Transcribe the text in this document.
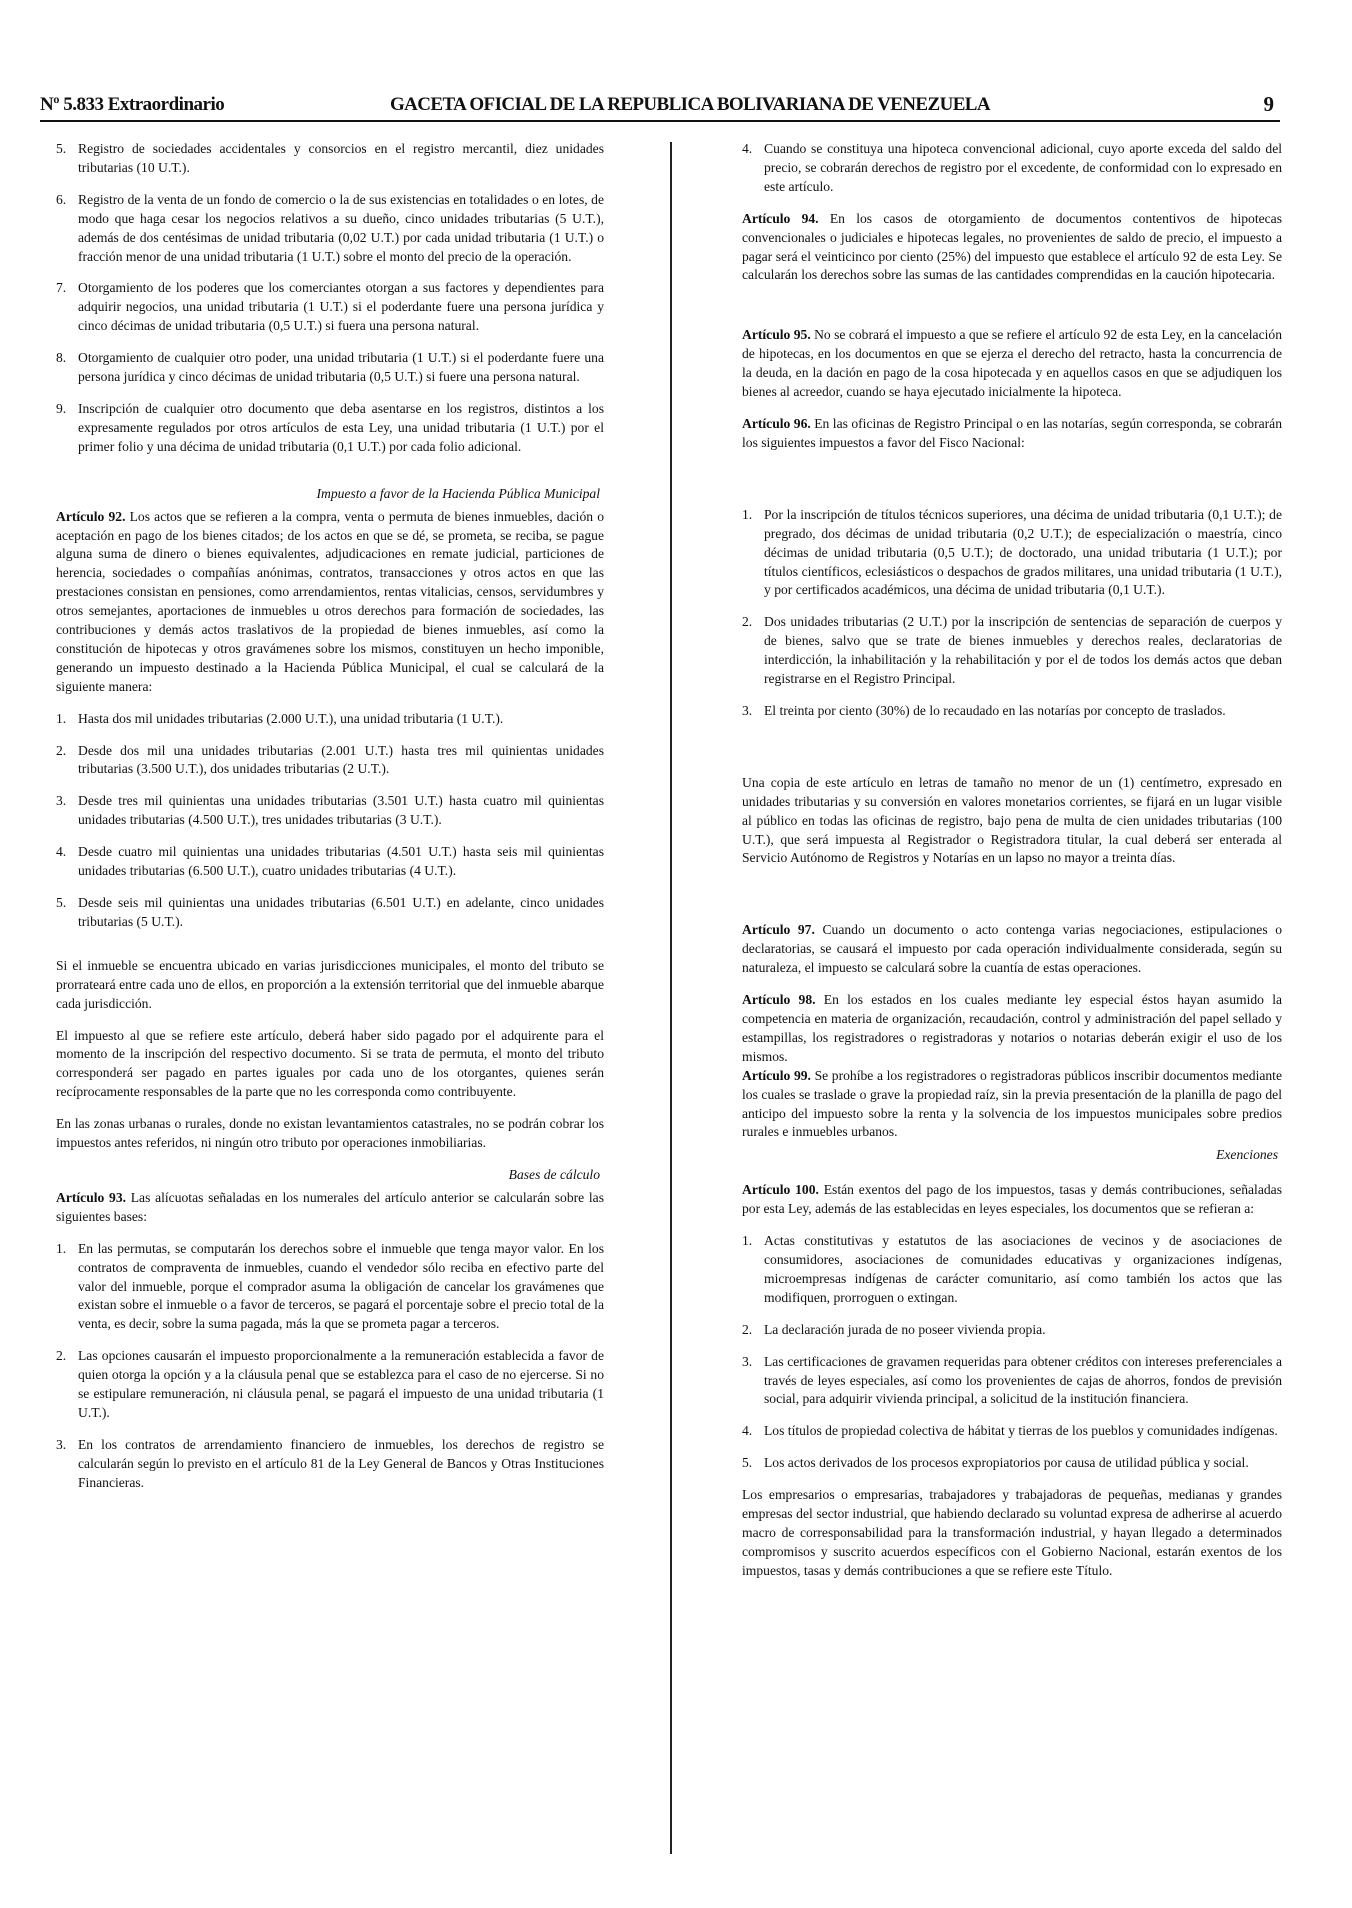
Nº 5.833 Extraordinario	GACETA OFICIAL DE LA REPUBLICA BOLIVARIANA DE VENEZUELA	9
5. Registro de sociedades accidentales y consorcios en el registro mercantil, diez unidades tributarias (10 U.T.).

6. Registro de la venta de un fondo de comercio o la de sus existencias en totalidades o en lotes, de modo que haga cesar los negocios relativos a su dueño, cinco unidades tributarias (5 U.T.), además de dos centésimas de unidad tributaria (0,02 U.T.) por cada unidad tributaria (1 U.T.) o fracción menor de una unidad tributaria (1 U.T.) sobre el monto del precio de la operación.

7. Otorgamiento de los poderes que los comerciantes otorgan a sus factores y dependientes para adquirir negocios, una unidad tributaria (1 U.T.) si el poderdante fuere una persona jurídica y cinco décimas de unidad tributaria (0,5 U.T.) si fuera una persona natural.

8. Otorgamiento de cualquier otro poder, una unidad tributaria (1 U.T.) si el poderdante fuere una persona jurídica y cinco décimas de unidad tributaria (0,5 U.T.) si fuere una persona natural.

9. Inscripción de cualquier otro documento que deba asentarse en los registros, distintos a los expresamente regulados por otros artículos de esta Ley, una unidad tributaria (1 U.T.) por el primer folio y una décima de unidad tributaria (0,1 U.T.) por cada folio adicional.

Impuesto a favor de la Hacienda Pública Municipal

Artículo 92. Los actos que se refieren a la compra, venta o permuta de bienes inmuebles, dación o aceptación en pago de los bienes citados; de los actos en que se dé, se prometa, se reciba, se pague alguna suma de dinero o bienes equivalentes, adjudicaciones en remate judicial, particiones de herencia, sociedades o compañías anónimas, contratos, transacciones y otros actos en que las prestaciones consistan en pensiones, como arrendamientos, rentas vitalicias, censos, servidumbres y otros semejantes, aportaciones de inmuebles u otros derechos para formación de sociedades, las contribuciones y demás actos traslativos de la propiedad de bienes inmuebles, así como la constitución de hipotecas y otros gravámenes sobre los mismos, constituyen un hecho imponible, generando un impuesto destinado a la Hacienda Pública Municipal, el cual se calculará de la siguiente manera:

1. Hasta dos mil unidades tributarias (2.000 U.T.), una unidad tributaria (1 U.T.).

2. Desde dos mil una unidades tributarias (2.001 U.T.) hasta tres mil quinientas unidades tributarias (3.500 U.T.), dos unidades tributarias (2 U.T.).

3. Desde tres mil quinientas una unidades tributarias (3.501 U.T.) hasta cuatro mil quinientas unidades tributarias (4.500 U.T.), tres unidades tributarias (3 U.T.).

4. Desde cuatro mil quinientas una unidades tributarias (4.501 U.T.) hasta seis mil quinientas unidades tributarias (6.500 U.T.), cuatro unidades tributarias (4 U.T.).

5. Desde seis mil quinientas una unidades tributarias (6.501 U.T.) en adelante, cinco unidades tributarias (5 U.T.).

Si el inmueble se encuentra ubicado en varias jurisdicciones municipales, el monto del tributo se prorrateará entre cada uno de ellos, en proporción a la extensión territorial que del inmueble abarque cada jurisdicción.

El impuesto al que se refiere este artículo, deberá haber sido pagado por el adquirente para el momento de la inscripción del respectivo documento. Si se trata de permuta, el monto del tributo corresponderá ser pagado en partes iguales por cada uno de los otorgantes, quienes serán recíprocamente responsables de la parte que no les corresponda como contribuyente.

En las zonas urbanas o rurales, donde no existan levantamientos catastrales, no se podrán cobrar los impuestos antes referidos, ni ningún otro tributo por operaciones inmobiliarias.

Bases de cálculo

Artículo 93. Las alícuotas señaladas en los numerales del artículo anterior se calcularán sobre las siguientes bases:

1. En las permutas, se computarán los derechos sobre el inmueble que tenga mayor valor. En los contratos de compraventa de inmuebles, cuando el vendedor sólo reciba en efectivo parte del valor del inmueble, porque el comprador asuma la obligación de cancelar los gravámenes que existan sobre el inmueble o a favor de terceros, se pagará el porcentaje sobre el precio total de la venta, es decir, sobre la suma pagada, más la que se prometa pagar a terceros.

2. Las opciones causarán el impuesto proporcionalmente a la remuneración establecida a favor de quien otorga la opción y a la cláusula penal que se establezca para el caso de no ejercerse. Si no se estipulare remuneración, ni cláusula penal, se pagará el impuesto de una unidad tributaria (1 U.T.).

3. En los contratos de arrendamiento financiero de inmuebles, los derechos de registro se calcularán según lo previsto en el artículo 81 de la Ley General de Bancos y Otras Instituciones Financieras.

4. Cuando se constituya una hipoteca convencional adicional, cuyo aporte exceda del saldo del precio, se cobrarán derechos de registro por el excedente, de conformidad con lo expresado en este artículo.

Artículo 94. En los casos de otorgamiento de documentos contentivos de hipotecas convencionales o judiciales e hipotecas legales, no provenientes de saldo de precio, el impuesto a pagar será el veinticinco por ciento (25%) del impuesto que establece el artículo 92 de esta Ley. Se calcularán los derechos sobre las sumas de las cantidades comprendidas en la caución hipotecaria.

Artículo 95. No se cobrará el impuesto a que se refiere el artículo 92 de esta Ley, en la cancelación de hipotecas, en los documentos en que se ejerza el derecho del retracto, hasta la concurrencia de la deuda, en la dación en pago de la cosa hipotecada y en aquellos casos en que se adjudiquen los bienes al acreedor, cuando se haya ejecutado inicialmente la hipoteca.

Artículo 96. En las oficinas de Registro Principal o en las notarías, según corresponda, se cobrarán los siguientes impuestos a favor del Fisco Nacional:

1. Por la inscripción de títulos técnicos superiores, una décima de unidad tributaria (0,1 U.T.); de pregrado, dos décimas de unidad tributaria (0,2 U.T.); de especialización o maestría, cinco décimas de unidad tributaria (0,5 U.T.); de doctorado, una unidad tributaria (1 U.T.); por títulos científicos, eclesiásticos o despachos de grados militares, una unidad tributaria (1 U.T.), y por certificados académicos, una décima de unidad tributaria (0,1 U.T.).

2. Dos unidades tributarias (2 U.T.) por la inscripción de sentencias de separación de cuerpos y de bienes, salvo que se trate de bienes inmuebles y derechos reales, declaratorias de interdicción, la inhabilitación y la rehabilitación y por el de todos los demás actos que deban registrarse en el Registro Principal.

3. El treinta por ciento (30%) de lo recaudado en las notarías por concepto de traslados.

Una copia de este artículo en letras de tamaño no menor de un (1) centímetro, expresado en unidades tributarias y su conversión en valores monetarios corrientes, se fijará en un lugar visible al público en todas las oficinas de registro, bajo pena de multa de cien unidades tributarias (100 U.T.), que será impuesta al Registrador o Registradora titular, la cual deberá ser enterada al Servicio Autónomo de Registros y Notarías en un lapso no mayor a treinta días.

Artículo 97. Cuando un documento o acto contenga varias negociaciones, estipulaciones o declaratorias, se causará el impuesto por cada operación individualmente considerada, según su naturaleza, el impuesto se calculará sobre la cuantía de estas operaciones.

Artículo 98. En los estados en los cuales mediante ley especial éstos hayan asumido la competencia en materia de organización, recaudación, control y administración del papel sellado y estampillas, los registradores o registradoras y notarios o notarias deberán exigir el uso de los mismos.

Artículo 99. Se prohíbe a los registradores o registradoras públicos inscribir documentos mediante los cuales se traslade o grave la propiedad raíz, sin la previa presentación de la planilla de pago del anticipo del impuesto sobre la renta y la solvencia de los impuestos municipales sobre predios rurales e inmuebles urbanos.

Exenciones

Artículo 100. Están exentos del pago de los impuestos, tasas y demás contribuciones, señaladas por esta Ley, además de las establecidas en leyes especiales, los documentos que se refieran a:

1. Actas constitutivas y estatutos de las asociaciones de vecinos y de asociaciones de consumidores, asociaciones de comunidades educativas y organizaciones indígenas, microempresas indígenas de carácter comunitario, así como también los actos que las modifiquen, prorroguen o extingan.

2. La declaración jurada de no poseer vivienda propia.

3. Las certificaciones de gravamen requeridas para obtener créditos con intereses preferenciales a través de leyes especiales, así como los provenientes de cajas de ahorros, fondos de previsión social, para adquirir vivienda principal, a solicitud de la institución financiera.

4. Los títulos de propiedad colectiva de hábitat y tierras de los pueblos y comunidades indígenas.

5. Los actos derivados de los procesos expropiatorios por causa de utilidad pública y social.

Los empresarios o empresarias, trabajadores y trabajadoras de pequeñas, medianas y grandes empresas del sector industrial, que habiendo declarado su voluntad expresa de adherirse al acuerdo macro de corresponsabilidad para la transformación industrial, y hayan llegado a determinados compromisos y suscrito acuerdos específicos con el Gobierno Nacional, estarán exentos de los impuestos, tasas y demás contribuciones a que se refiere este Título.
